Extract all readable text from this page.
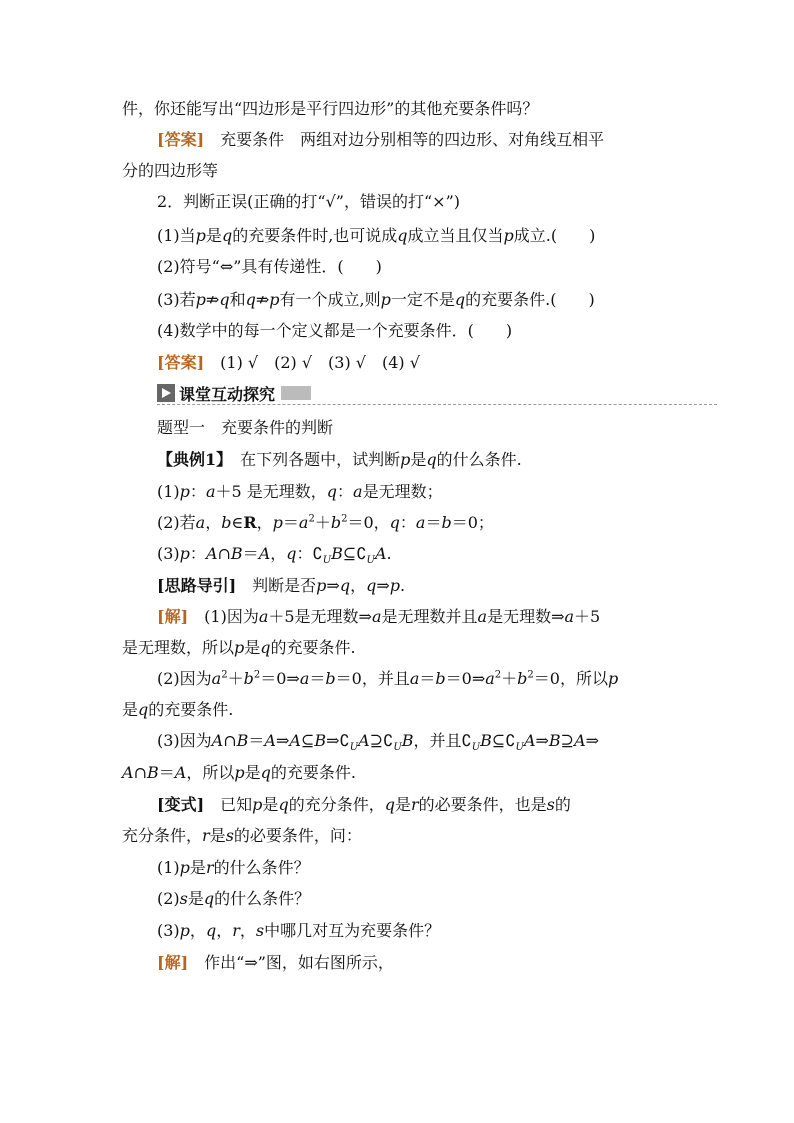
件，你还能写出“四边形是平行四边形”的其他充要条件吗？
[答案]　充要条件　两组对边分别相等的四边形、对角线互相平
分的四边形等
2．判断正误(正确的打“√”，错误的打“×”)
(1)当p是q的充要条件时,也可说成q成立当且仅当p成立.(　　)
(2)符号“⇔”具有传递性．(　　)
(3)若p⇏q和q⇏p有一个成立,则p一定不是q的充要条件.(　　)
(4)数学中的每一个定义都是一个充要条件．(　　)
[答案]　(1) √　(2) √　(3) √　(4) √
课堂互动探究
题型一　充要条件的判断
【典例1】　在下列各题中，试判断p是q的什么条件.
(1)p：a＋5 是无理数，q：a是无理数；
(2)若a，b∈R，$p=a^2+b^2=0$，q：a＝b＝0；
(3)p：A∩B＝A，q：$∁_UB⊆∁_UA$.
[思路导引]　判断是否p⇒q，q⇒p.
[解]　(1)因为a＋5是无理数⇒a是无理数并且a是无理数⇒a＋5
是无理数，所以p是q的充要条件.
(2)因为$a^2+b^2=0\Rightarrow a=b=0$，并且$a=b=0\Rightarrow a^2+b^2=0$，所以p
是q的充要条件.
(3)因为$A\cap B=A\Rightarrow A⊆B\Rightarrow∁_UA⊇∁_UB$，并且$∁_UB⊆∁_UA\Rightarrow B⊇A\Rightarrow$
A∩B＝A，所以p是q的充要条件.
[变式]　已知p是q的充分条件，q是r的必要条件，也是s的
充分条件，r是s的必要条件，问：
(1)p是r的什么条件？
(2)s是q的什么条件？
(3)p，q，r，s中哪几对互为充要条件？
[解]　作出“⇒”图，如右图所示，
